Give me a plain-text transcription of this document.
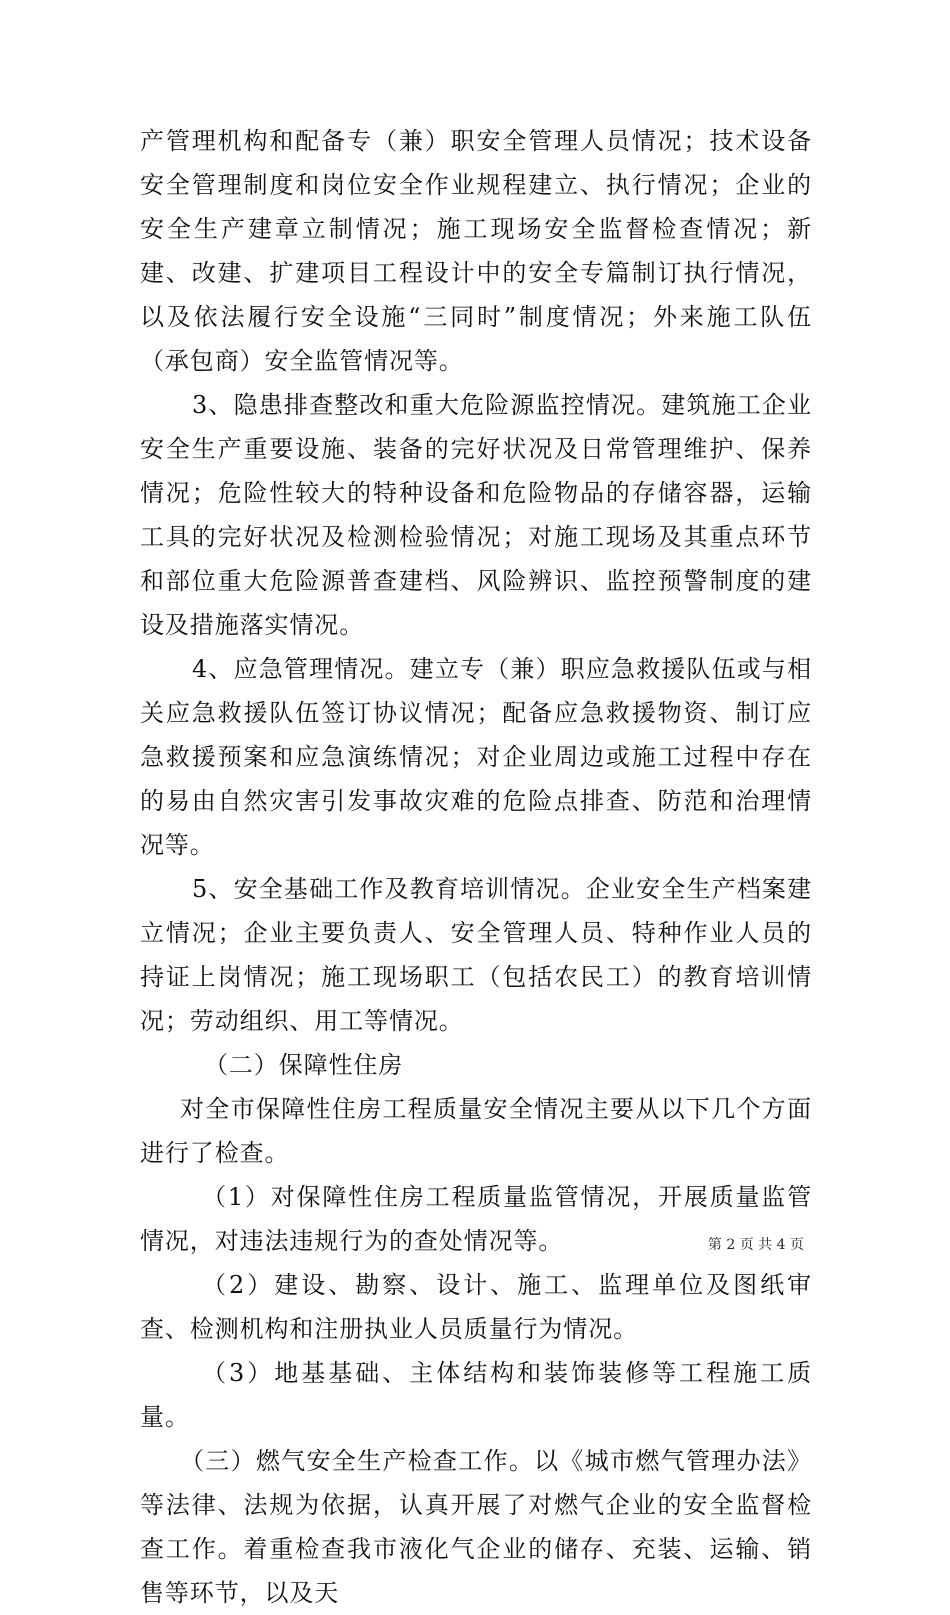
产管理机构和配备专（兼）职安全管理人员情况；技术设备安全管理制度和岗位安全作业规程建立、执行情况；企业的安全生产建章立制情况；施工现场安全监督检查情况；新建、改建、扩建项目工程设计中的安全专篇制订执行情况，以及依法履行安全设施“三同时”制度情况；外来施工队伍（承包商）安全监管情况等。

3、隐患排查整改和重大危险源监控情况。建筑施工企业安全生产重要设施、装备的完好状况及日常管理维护、保养情况；危险性较大的特种设备和危险物品的存储容器，运输工具的完好状况及检测检验情况；对施工现场及其重点环节和部位重大危险源普查建档、风险辨识、监控预警制度的建设及措施落实情况。

4、应急管理情况。建立专（兼）职应急救援队伍或与相关应急救援队伍签订协议情况；配备应急救援物资、制订应急救援预案和应急演练情况；对企业周边或施工过程中存在的易由自然灾害引发事故灾难的危险点排查、防范和治理情况等。

5、安全基础工作及教育培训情况。企业安全生产档案建立情况；企业主要负责人、安全管理人员、特种作业人员的持证上岗情况；施工现场职工（包括农民工）的教育培训情况；劳动组织、用工等情况。

（二）保障性住房

对全市保障性住房工程质量安全情况主要从以下几个方面进行了检查。

（1）对保障性住房工程质量监管情况，开展质量监管情况，对违法违规行为的查处情况等。

（2）建设、勘察、设计、施工、监理单位及图纸审查、检测机构和注册执业人员质量行为情况。

（3）地基基础、主体结构和装饰装修等工程施工质量。

（三）燃气安全生产检查工作。以《城市燃气管理办法》等法律、法规为依据，认真开展了对燃气企业的安全监督检查工作。着重检查我市液化气企业的储存、充装、运输、销售等环节，以及天

第 2 页 共 4 页
